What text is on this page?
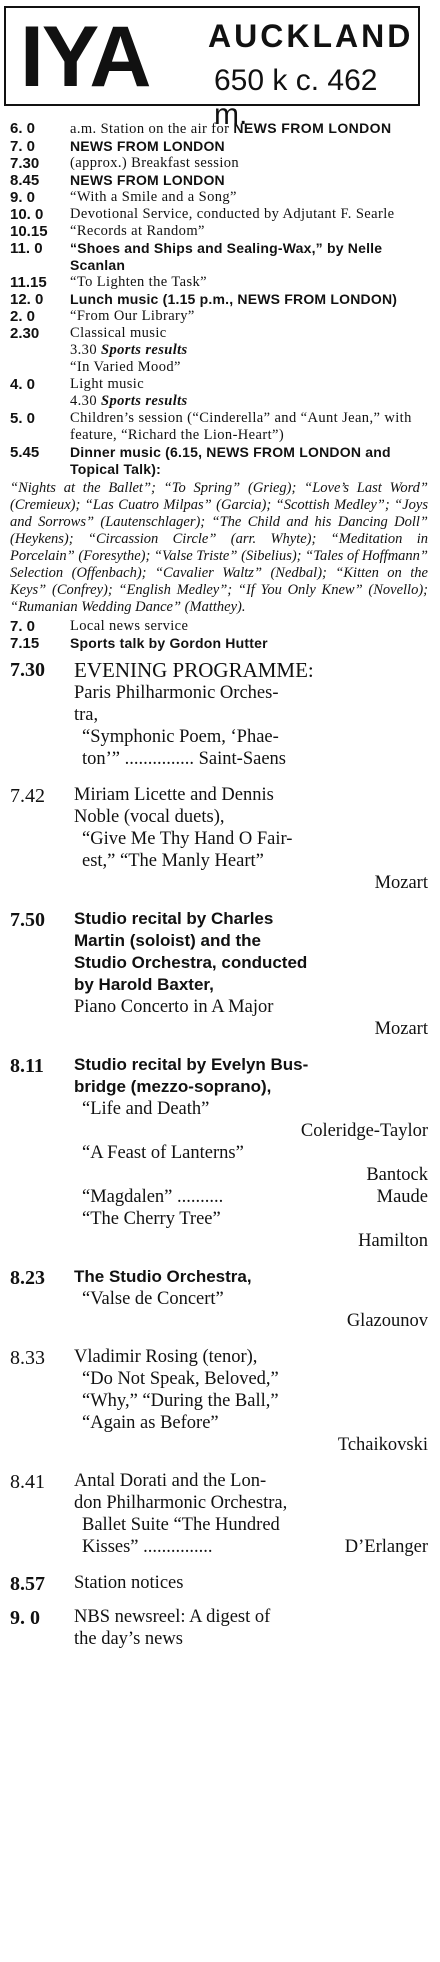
IYA AUCKLAND
650 k c. 462 m.
6. 0	a.m. Station on the air for NEWS FROM LONDON
7. 0	NEWS FROM LONDON
7.30	(approx.) Breakfast session
8.45	NEWS FROM LONDON
9. 0	“With a Smile and a Song”
10. 0	Devotional Service, conducted by Adjutant F. Searle
10.15	“Records at Random”
11. 0	“Shoes and Ships and Sealing-Wax,” by Nelle Scanlan
11.15	“To Lighten the Task”
12. 0	Lunch music (1.15 p.m., NEWS FROM LONDON)
2. 0	“From Our Library”
2.30	Classical music
3.30 Sports results
“In Varied Mood”
4. 0	Light music
4.30 Sports results
5. 0	Children’s session (“Cinderella” and “Aunt Jean,” with feature, “Richard the Lion-Heart”)
5.45	Dinner music (6.15, NEWS FROM LONDON and Topical Talk):
“Nights at the Ballet”; “To Spring” (Grieg); “Love’s Last Word” (Cremieux); “Las Cuatro Milpas” (Garcia); “Scottish Medley”; “Joys and Sorrows” (Lautenschlager); “The Child and his Dancing Doll” (Heykens); “Circassion Circle” (arr. Whyte); “Meditation in Porcelain” (Foresythe); “Valse Triste” (Sibelius); “Tales of Hoffmann” Selection (Offenbach); “Cavalier Waltz” (Nedbal); “Kitten on the Keys” (Confrey); “English Medley”; “If You Only Knew” (Novello); “Rumanian Wedding Dance” (Matthey).
7. 0	Local news service
7.15	Sports talk by Gordon Hutter
7.30	EVENING PROGRAMME:
Paris Philharmonic Orches-
tra,
“Symphonic Poem, ‘Phae-
ton’” ............... Saint-Saens
7.42	Miriam Licette and Dennis
Noble (vocal duets),
“Give Me Thy Hand O Fair-
est,” “The Manly Heart”
Mozart
7.50	Studio recital by Charles
Martin (soloist) and the
Studio Orchestra, conducted
by Harold Baxter,
Piano Concerto in A Major
Mozart
8.11	Studio recital by Evelyn Bus-
bridge (mezzo-soprano),
“Life and Death”
Coleridge-Taylor
“A Feast of Lanterns”
Bantock
“Magdalen” ..........	Maude
“The Cherry Tree”
Hamilton
8.23	The Studio Orchestra,
“Valse de Concert”
Glazounov
8.33	Vladimir Rosing (tenor),
“Do Not Speak, Beloved,”
“Why,” “During the Ball,”
“Again as Before”
Tchaikovski
8.41	Antal Dorati and the Lon-
don Philharmonic Orchestra,
Ballet Suite “The Hundred
Kisses” ...............	D’Erlanger
8.57	Station notices
9. 0	NBS newsreel: A digest of
the day’s news
